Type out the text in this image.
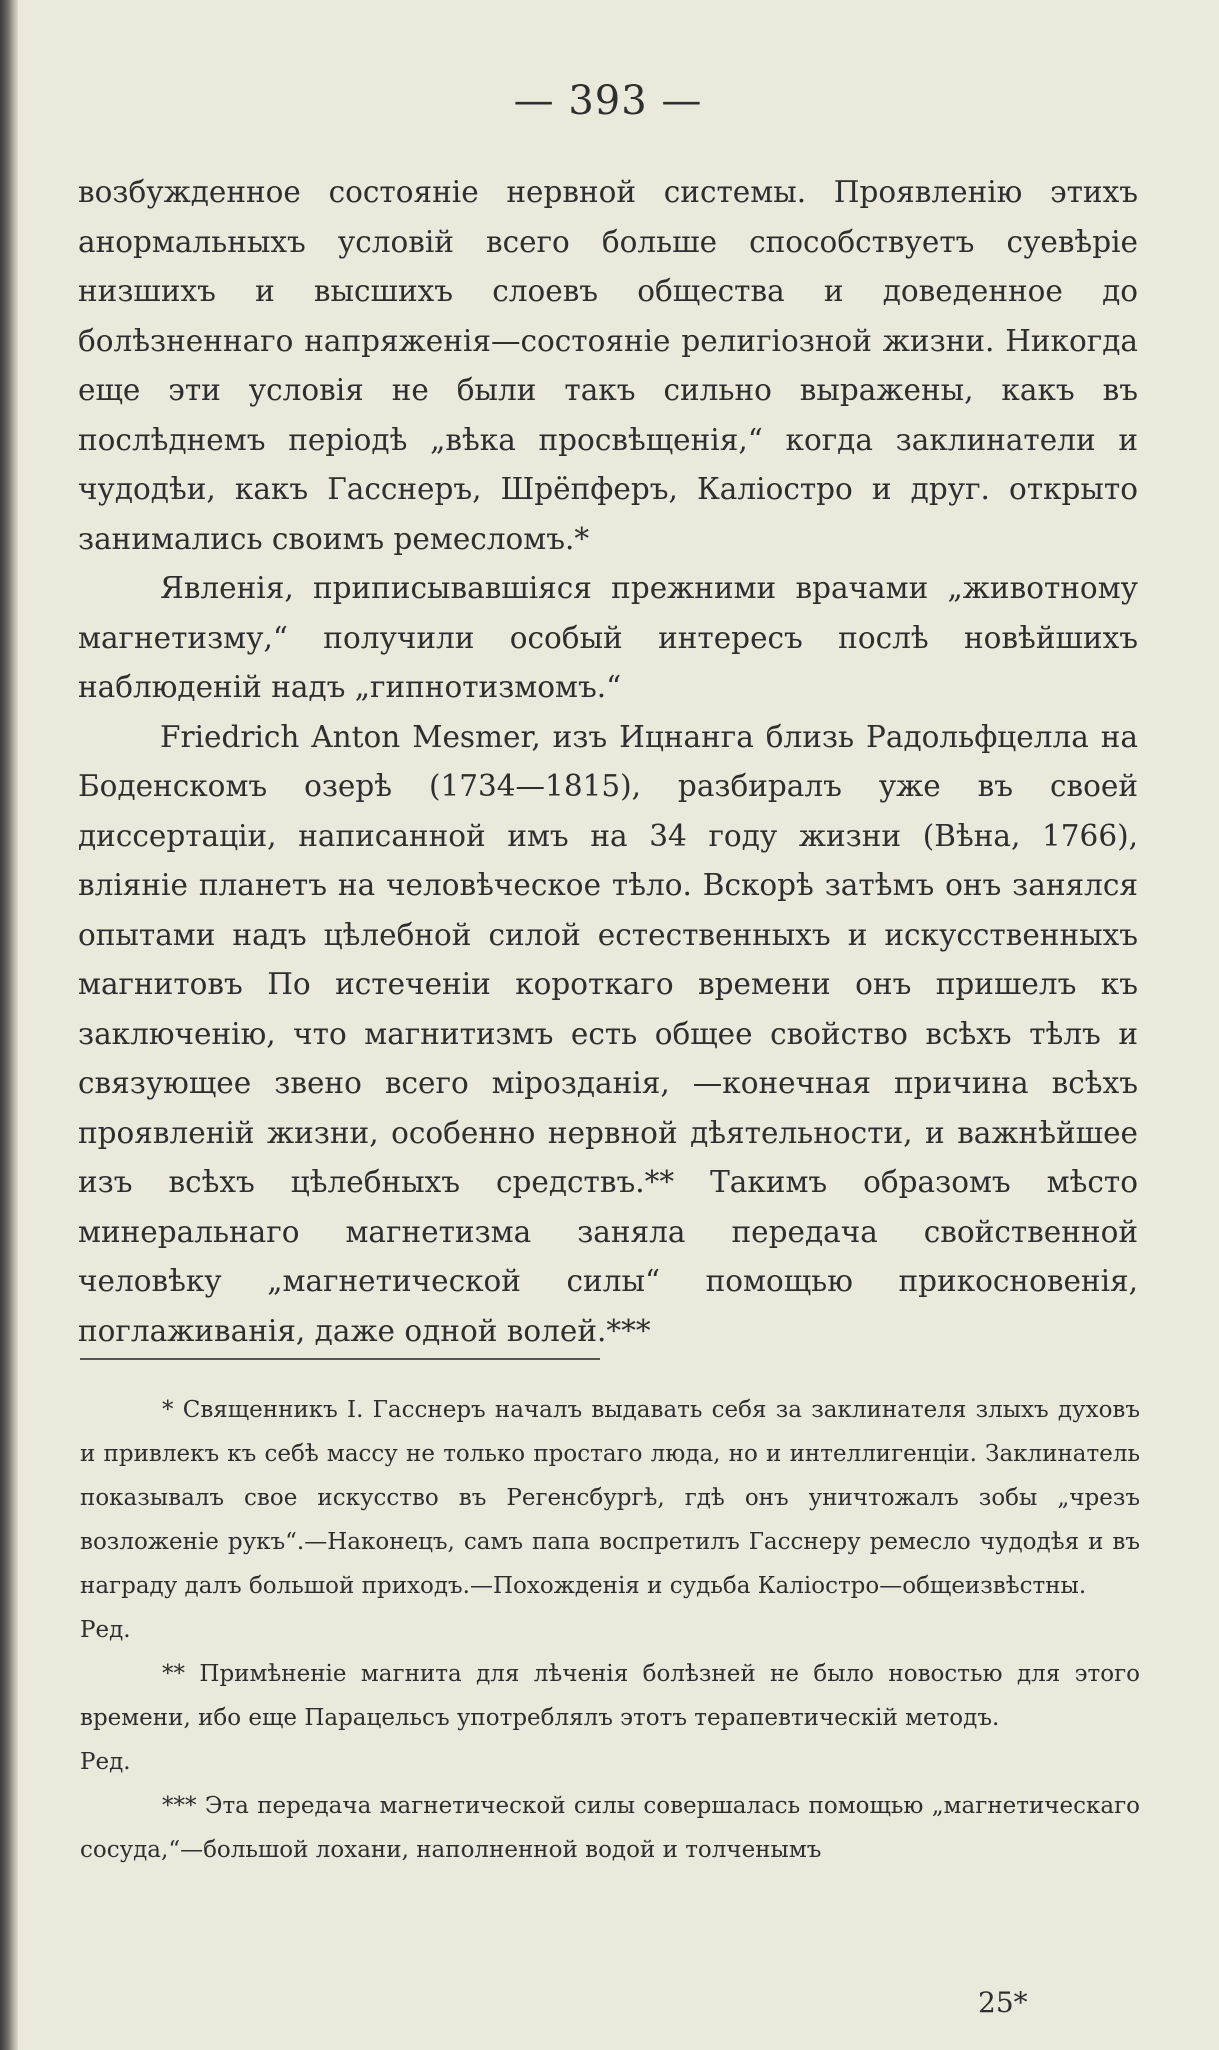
— 393 —

возбужденное состояніе нервной системы. Проявленію этихъ анормальныхъ условій всего больше способствуетъ суевѣріе низшихъ и высшихъ слоевъ общества и доведенное до болѣзненнаго напряженія—состояніе религіозной жизни. Никогда еще эти условія не были такъ сильно выражены, какъ въ послѣднемъ періодѣ „вѣка просвѣщенія,“ когда заклинатели и чудодѣи, какъ Гасснеръ, Шрёпферъ, Каліостро и друг. открыто занимались своимъ ремесломъ.*

Явленія, приписывавшіяся прежними врачами „животному магнетизму,“ получили особый интересъ послѣ новѣйшихъ наблюденій надъ „гипнотизмомъ.“

Friedrich Anton Mesmer, изъ Ицнанга близь Радольфцелла на Боденскомъ озерѣ (1734—1815), разбиралъ уже въ своей диссертаціи, написанной имъ на 34 году жизни (Вѣна, 1766), вліяніе планетъ на человѣческое тѣло. Вскорѣ затѣмъ онъ занялся опытами надъ цѣлебной силой естественныхъ и искусственныхъ магнитовъ По истеченіи короткаго времени онъ пришелъ къ заключенію, что магнитизмъ есть общее свойство всѣхъ тѣлъ и связующее звено всего мірозданія, —конечная причина всѣхъ проявленій жизни, особенно нервной дѣятельности, и важнѣйшее изъ всѣхъ цѣлебныхъ средствъ.** Такимъ образомъ мѣсто минеральнаго магнетизма заняла передача свойственной человѣку „магнетической силы“ помощью прикосновенія, поглаживанія, даже одной волей.***

* Священникъ I. Гасснеръ началъ выдавать себя за заклинателя злыхъ духовъ и привлекъ къ себѣ массу не только простаго люда, но и интеллигенціи. Заклинатель показывалъ свое искусство въ Регенсбургѣ, гдѣ онъ уничтожалъ зобы „чрезъ возложеніе рукъ“.—Наконецъ, самъ папа воспретилъ Гасснеру ремесло чудодѣя и въ награду далъ большой приходъ.—Похожденія и судьба Каліостро—общеизвѣстны.

Ред.

** Примѣненіе магнита для лѣченія болѣзней не было новостью для этого времени, ибо еще Парацельсъ употреблялъ этотъ терапевтическій методъ.

Ред.

*** Эта передача магнетической силы совершалась помощью „магнетическаго сосуда,“—большой лохани, наполненной водой и толченымъ

25*
